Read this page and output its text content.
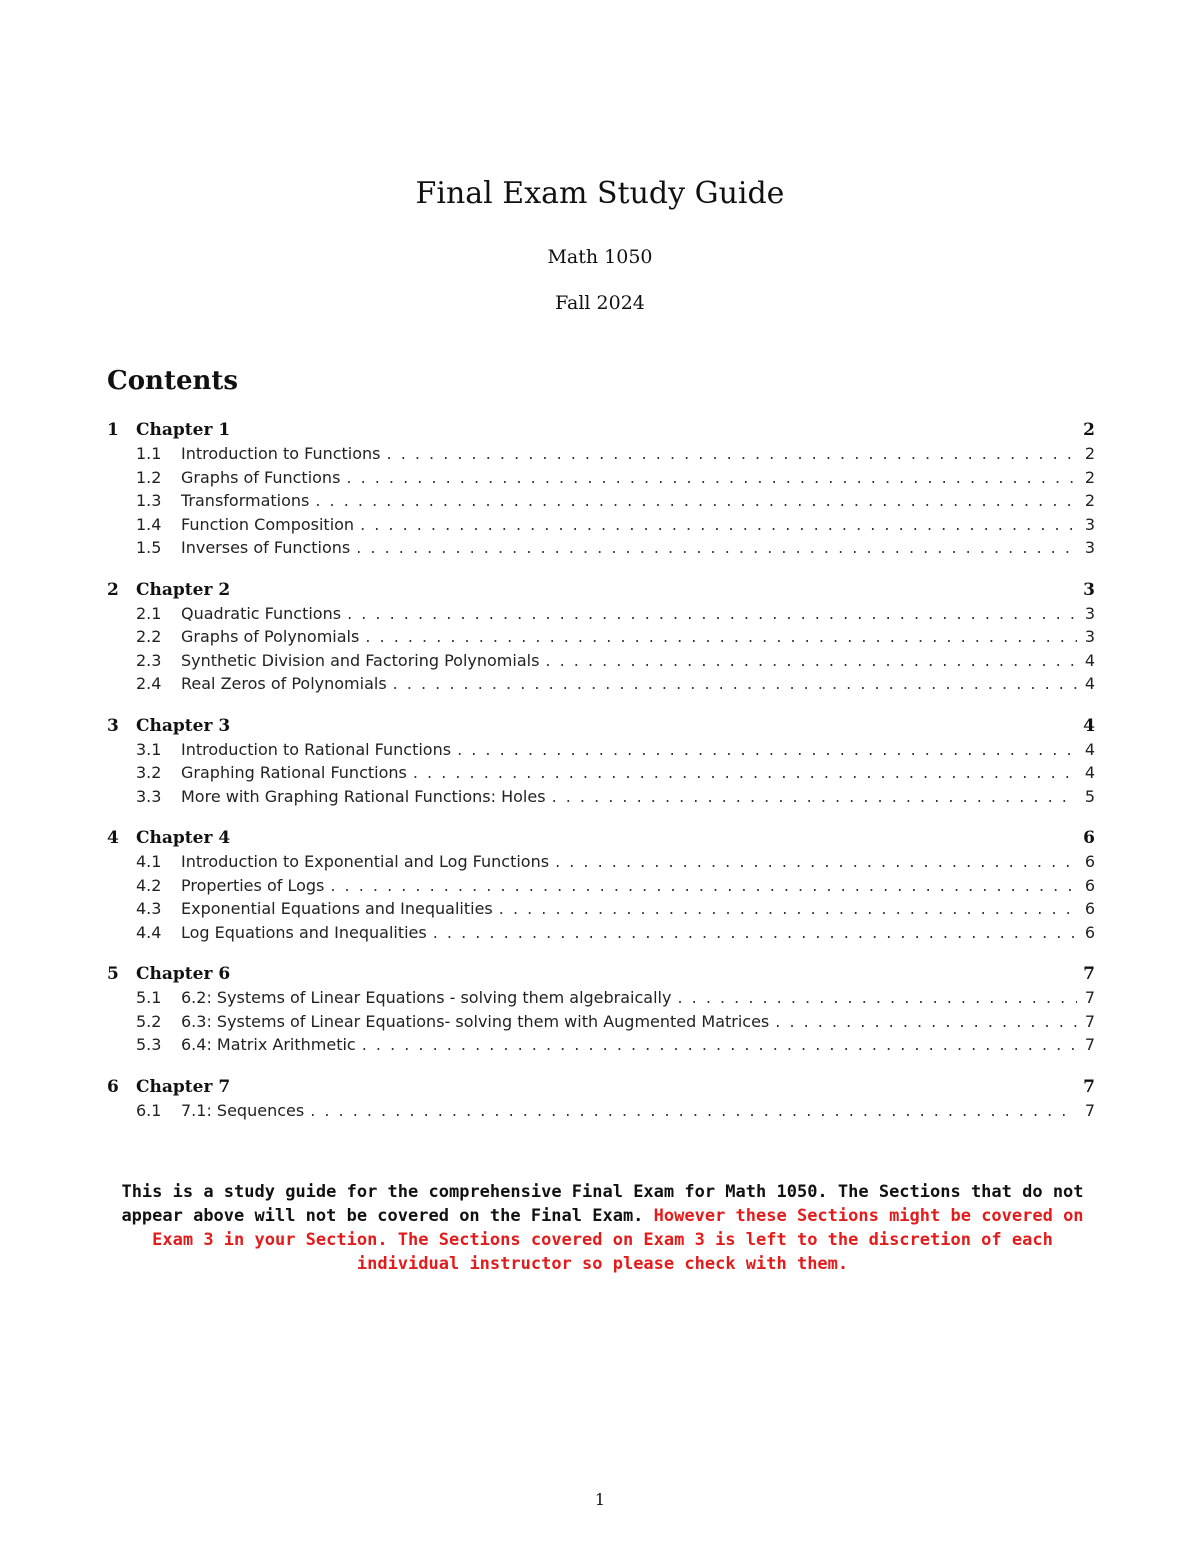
Final Exam Study Guide
Math 1050
Fall 2024
Contents
1	Chapter 1	2
1.1	Introduction to Functions . . .	2
1.2	Graphs of Functions . . .	2
1.3	Transformations . . .	2
1.4	Function Composition . . .	3
1.5	Inverses of Functions . . .	3
2	Chapter 2	3
2.1	Quadratic Functions . . .	3
2.2	Graphs of Polynomials . . .	3
2.3	Synthetic Division and Factoring Polynomials . . .	4
2.4	Real Zeros of Polynomials . . .	4
3	Chapter 3	4
3.1	Introduction to Rational Functions . . .	4
3.2	Graphing Rational Functions . . .	4
3.3	More with Graphing Rational Functions: Holes . . .	5
4	Chapter 4	6
4.1	Introduction to Exponential and Log Functions . . .	6
4.2	Properties of Logs . . .	6
4.3	Exponential Equations and Inequalities . . .	6
4.4	Log Equations and Inequalities . . .	6
5	Chapter 6	7
5.1	6.2: Systems of Linear Equations - solving them algebraically . . .	7
5.2	6.3: Systems of Linear Equations- solving them with Augmented Matrices . . .	7
5.3	6.4: Matrix Arithmetic . . .	7
6	Chapter 7	7
6.1	7.1: Sequences . . .	7
This is a study guide for the comprehensive Final Exam for Math 1050. The Sections that do not appear above will not be covered on the Final Exam. However these Sections might be covered on Exam 3 in your Section. The Sections covered on Exam 3 is left to the discretion of each individual instructor so please check with them.
1
